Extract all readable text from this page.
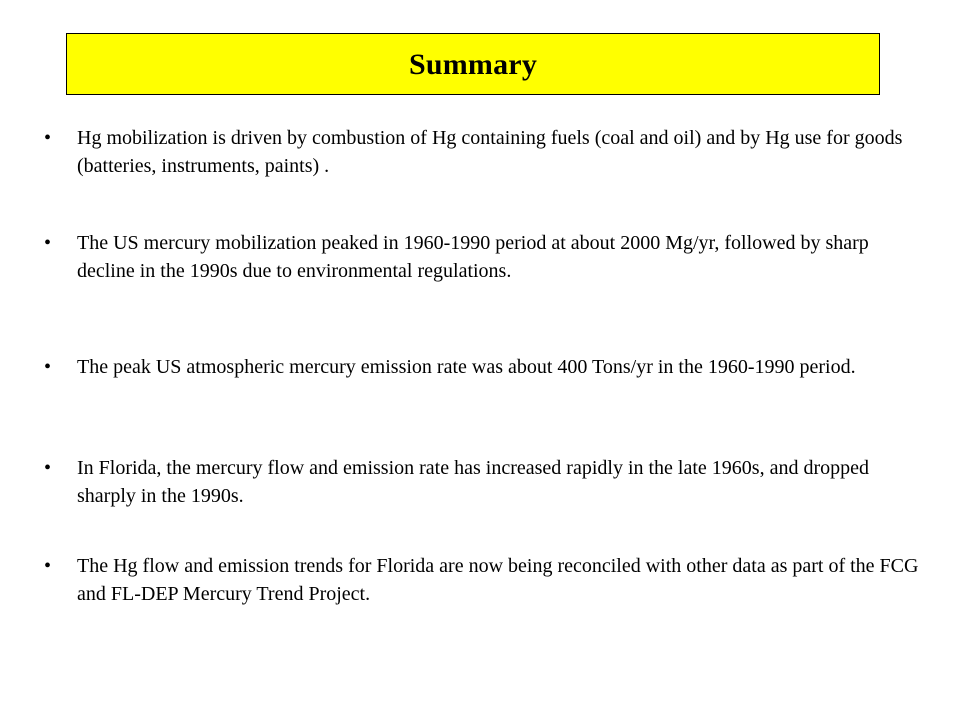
Summary
•	Hg mobilization is driven by combustion of Hg containing fuels (coal and oil) and by Hg use for goods (batteries, instruments, paints) .
•	The US mercury mobilization peaked in 1960-1990 period at about 2000 Mg/yr, followed by sharp decline in the 1990s due to environmental regulations.
•	The peak US atmospheric mercury emission rate was about 400 Tons/yr in the 1960-1990 period.
•	In Florida, the mercury flow and emission rate has increased rapidly in the late 1960s, and dropped sharply in the 1990s.
•	The Hg flow and emission trends for Florida are now being reconciled with other data as part of the FCG and FL-DEP Mercury Trend Project.
